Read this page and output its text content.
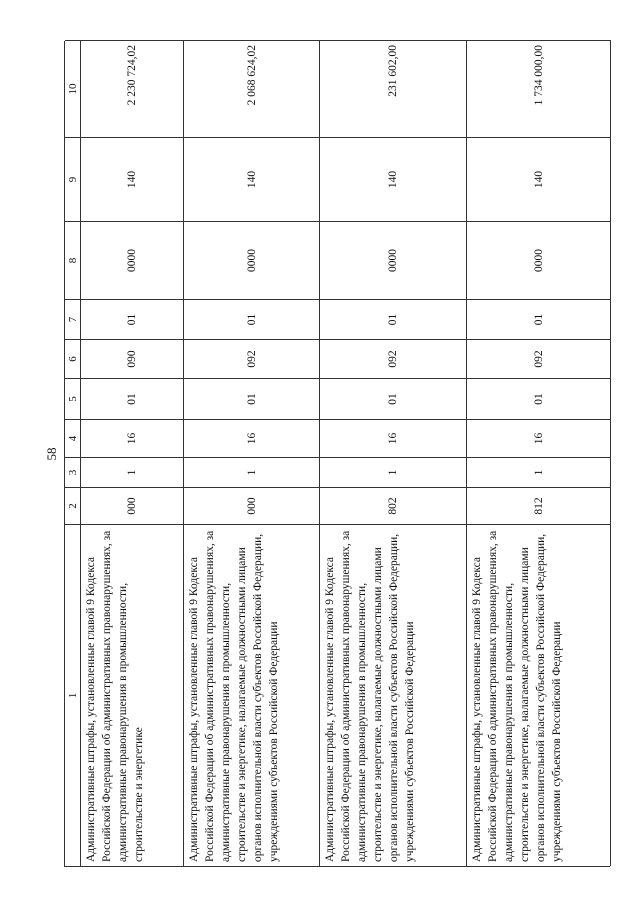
58
1
2
3
4
5
6
7
8
9
10
Административные штрафы, установленные главой 9 Кодекса Российской Федерации об административных правонарушениях, за административные правонарушения в промышленности, строительстве и энергетике
000
1
16
01
090
01
0000
140
2 230 724,02
Административные штрафы, установленные главой 9 Кодекса Российской Федерации об административных правонарушениях, за административные правонарушения в промышленности, строительстве и энергетике, налагаемые должностными лицами органов исполнительной власти субъектов Российской Федерации, учреждениями субъектов Российской Федерации
000
1
16
01
092
01
0000
140
2 068 624,02
Административные штрафы, установленные главой 9 Кодекса Российской Федерации об административных правонарушениях, за административные правонарушения в промышленности, строительстве и энергетике, налагаемые должностными лицами органов исполнительной власти субъектов Российской Федерации, учреждениями субъектов Российской Федерации
802
1
16
01
092
01
0000
140
231 602,00
Административные штрафы, установленные главой 9 Кодекса Российской Федерации об административных правонарушениях, за административные правонарушения в промышленности, строительстве и энергетике, налагаемые должностными лицами органов исполнительной власти субъектов Российской Федерации, учреждениями субъектов Российской Федерации
812
1
16
01
092
01
0000
140
1 734 000,00
